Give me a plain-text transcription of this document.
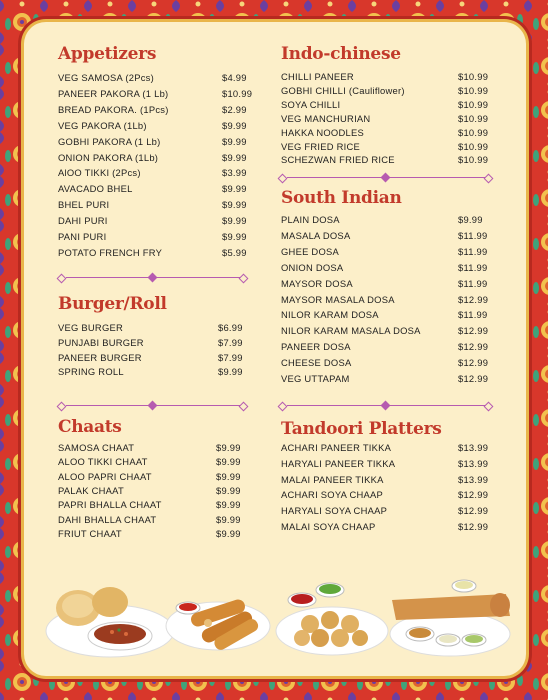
Appetizers
VEG SAMOSA (2Pcs)	$4.99
PANEER PAKORA (1 Lb)	$10.99
BREAD PAKORA. (1Pcs)	$2.99
VEG PAKORA (1Lb)	$9.99
GOBHI PAKORA (1 Lb)	$9.99
ONION PAKORA (1Lb)	$9.99
AlOO TIKKI (2Pcs)	$3.99
AVACADO BHEL	$9.99
BHEL PURI	$9.99
DAHI PURI	$9.99
PANI PURI	$9.99
POTATO FRENCH FRY	$5.99
Burger/Roll
VEG BURGER	$6.99
PUNJABI BURGER	$7.99
PANEER BURGER	$7.99
SPRING ROLL	$9.99
Chaats
SAMOSA CHAAT	$9.99
ALOO TIKKI CHAAT	$9.99
ALOO PAPRI CHAAT	$9.99
PALAK CHAAT	$9.99
PAPRI BHALLA CHAAT	$9.99
DAHI BHALLA CHAAT	$9.99
FRIUT CHAAT	$9.99
Indo-chinese
CHILLI PANEER	$10.99
GOBHI CHILLI (Cauliflower)	$10.99
SOYA CHILLI	$10.99
VEG MANCHURIAN	$10.99
HAKKA NOODLES	$10.99
VEG FRIED RICE	$10.99
SCHEZWAN FRIED RICE	$10.99
South Indian
PLAIN DOSA	$9.99
MASALA DOSA	$11.99
GHEE DOSA	$11.99
ONION DOSA	$11.99
MAYSOR DOSA	$11.99
MAYSOR MASALA DOSA	$12.99
NILOR KARAM DOSA	$11.99
NILOR KARAM MASALA DOSA	$12.99
PANEER DOSA	$12.99
CHEESE DOSA	$12.99
VEG UTTAPAM	$12.99
Tandoori Platters
ACHARI PANEER TIKKA	$13.99
HARYALI PANEER TIKKA	$13.99
MALAI PANEER TIKKA	$13.99
ACHARI SOYA CHAAP	$12.99
HARYALI SOYA CHAAP	$12.99
MALAI SOYA CHAAP	$12.99
